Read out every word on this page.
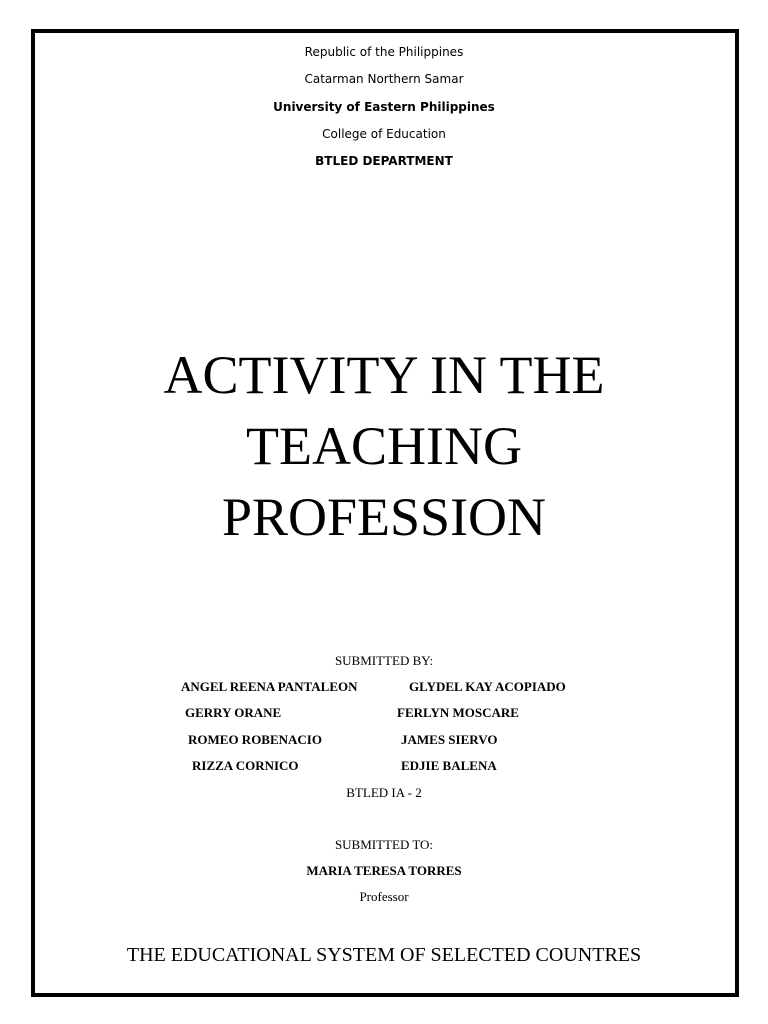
Republic of the Philippines
Catarman Northern Samar
University of Eastern Philippines
College of Education
BTLED DEPARTMENT
ACTIVITY IN THE
TEACHING
PROFESSION
SUBMITTED BY:
ANGEL REENA PANTALEON	GLYDEL KAY ACOPIADO
GERRY ORANE	FERLYN MOSCARE
ROMEO ROBENACIO	JAMES SIERVO
RIZZA CORNICO	EDJIE BALENA
BTLED IA - 2
SUBMITTED TO:
MARIA TERESA TORRES
Professor
THE EDUCATIONAL SYSTEM OF SELECTED COUNTRES
